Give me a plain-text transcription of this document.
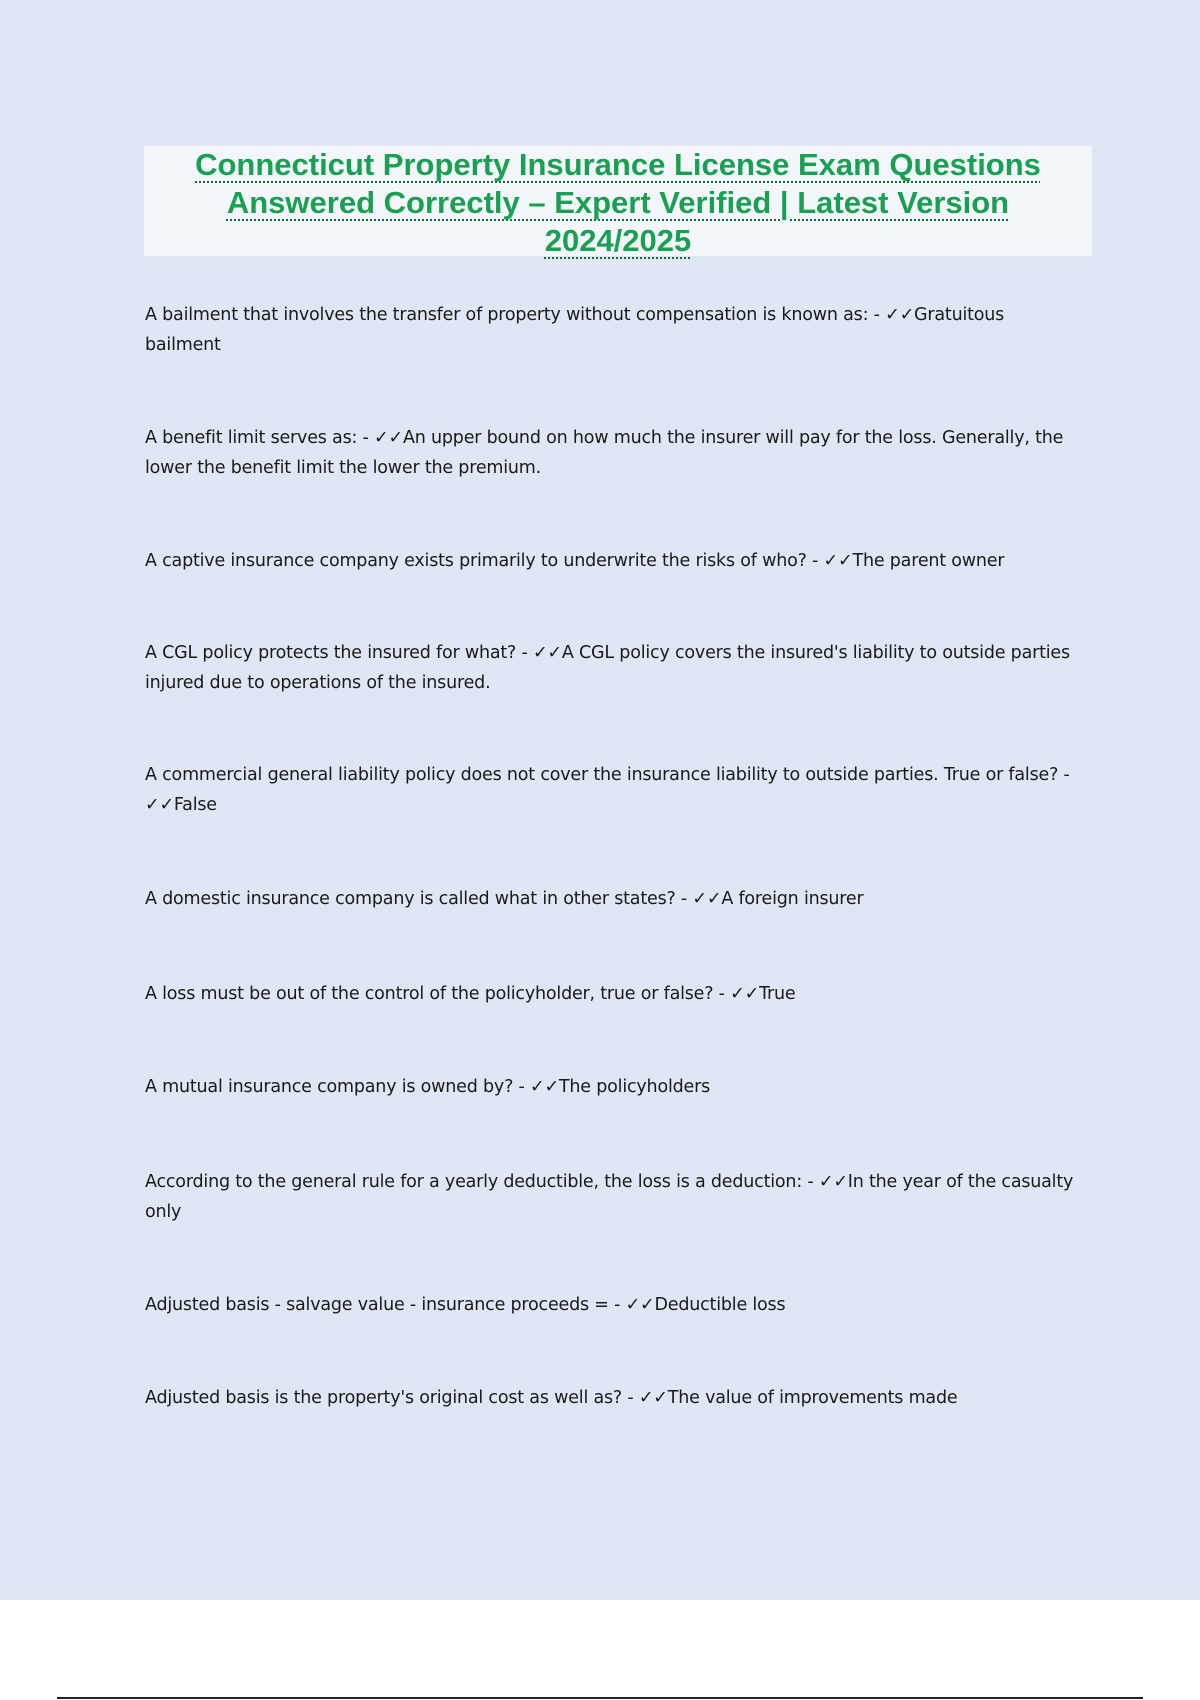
Connecticut Property Insurance License Exam Questions
Answered Correctly – Expert Verified | Latest Version
2024/2025
A bailment that involves the transfer of property without compensation is known as: - ✓✓Gratuitous bailment
A benefit limit serves as: - ✓✓An upper bound on how much the insurer will pay for the loss. Generally, the lower the benefit limit the lower the premium.
A captive insurance company exists primarily to underwrite the risks of who? - ✓✓The parent owner
A CGL policy protects the insured for what? - ✓✓A CGL policy covers the insured's liability to outside parties injured due to operations of the insured.
A commercial general liability policy does not cover the insurance liability to outside parties. True or false? - ✓✓False
A domestic insurance company is called what in other states? - ✓✓A foreign insurer
A loss must be out of the control of the policyholder, true or false? - ✓✓True
A mutual insurance company is owned by? - ✓✓The policyholders
According to the general rule for a yearly deductible, the loss is a deduction: - ✓✓In the year of the casualty only
Adjusted basis - salvage value - insurance proceeds = - ✓✓Deductible loss
Adjusted basis is the property's original cost as well as? - ✓✓The value of improvements made
